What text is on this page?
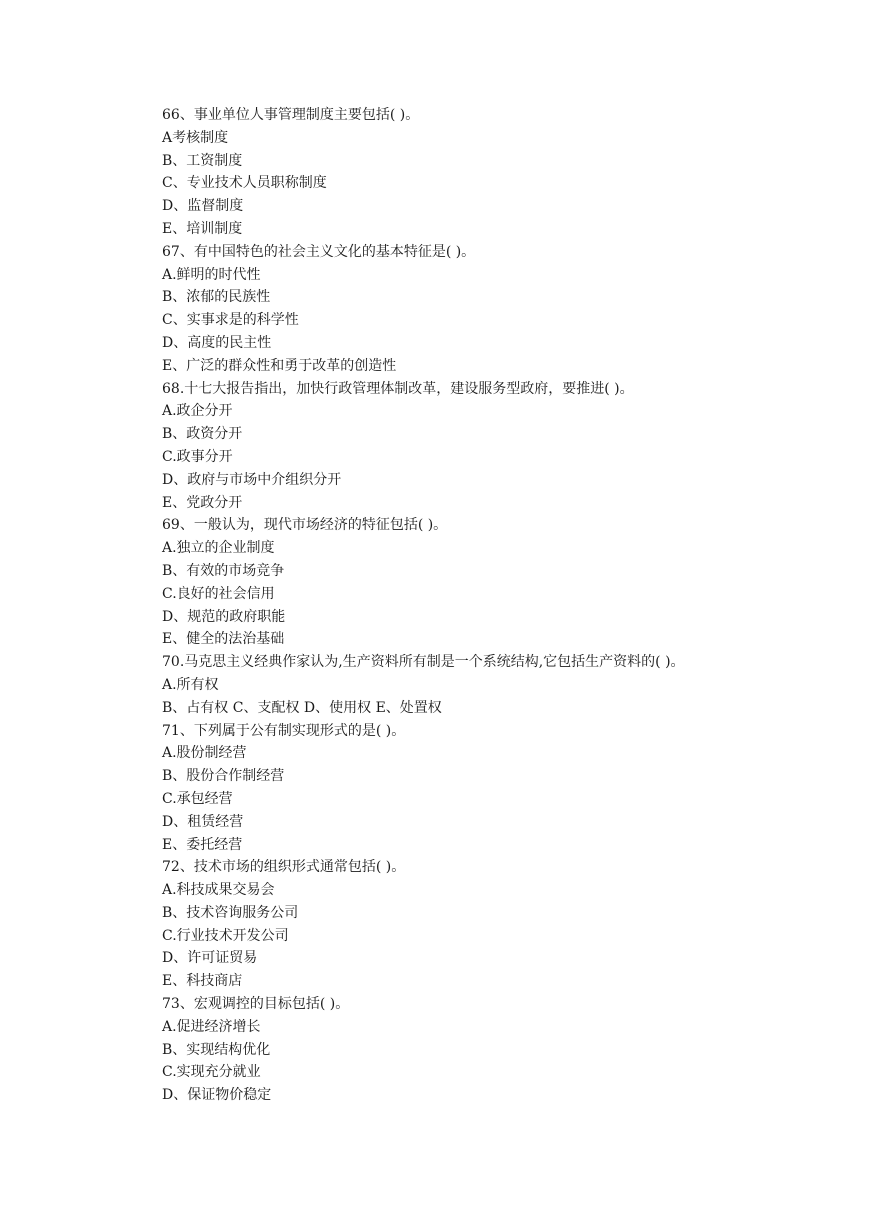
66、事业单位人事管理制度主要包括( )。
A考核制度
B、工资制度
C、专业技术人员职称制度
D、监督制度
E、培训制度
67、有中国特色的社会主义文化的基本特征是( )。
A.鲜明的时代性
B、浓郁的民族性
C、实事求是的科学性
D、高度的民主性
E、广泛的群众性和勇于改革的创造性
68.十七大报告指出，加快行政管理体制改革，建设服务型政府，要推进( )。
A.政企分开
B、政资分开
C.政事分开
D、政府与市场中介组织分开
E、党政分开
69、一般认为，现代市场经济的特征包括( )。
A.独立的企业制度
B、有效的市场竞争
C.良好的社会信用
D、规范的政府职能
E、健全的法治基础
70.马克思主义经典作家认为,生产资料所有制是一个系统结构,它包括生产资料的( )。
A.所有权
B、占有权 C、支配权 D、使用权 E、处置权
71、下列属于公有制实现形式的是( )。
A.股份制经营
B、股份合作制经营
C.承包经营
D、租赁经营
E、委托经营
72、技术市场的组织形式通常包括( )。
A.科技成果交易会
B、技术咨询服务公司
C.行业技术开发公司
D、许可证贸易
E、科技商店
73、宏观调控的目标包括( )。
A.促进经济增长
B、实现结构优化
C.实现充分就业
D、保证物价稳定
